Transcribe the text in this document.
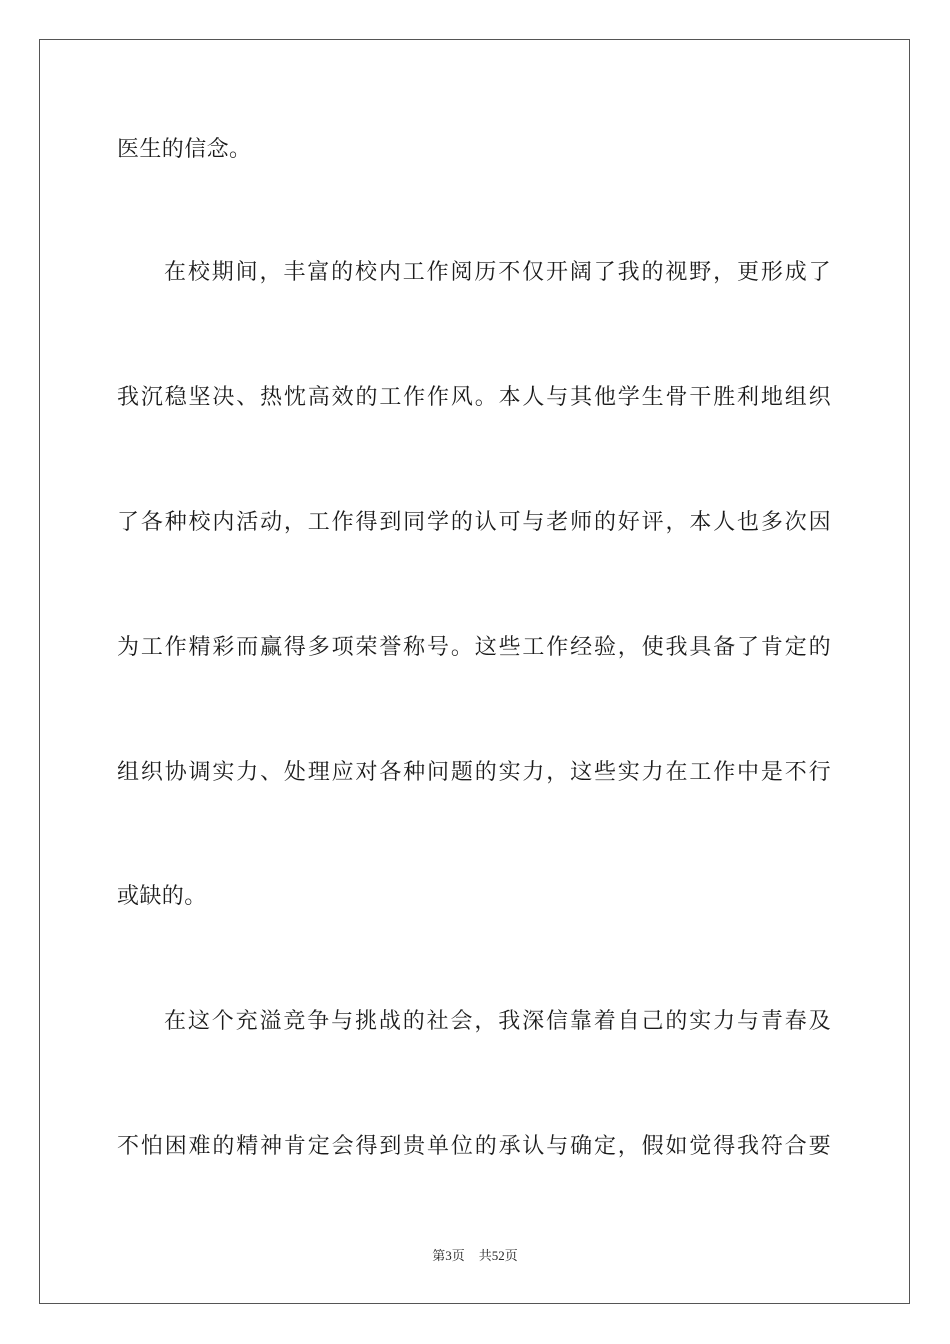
医生的信念。
在校期间，丰富的校内工作阅历不仅开阔了我的视野，更形成了
我沉稳坚决、热忱高效的工作作风。本人与其他学生骨干胜利地组织
了各种校内活动，工作得到同学的认可与老师的好评，本人也多次因
为工作精彩而赢得多项荣誉称号。这些工作经验，使我具备了肯定的
组织协调实力、处理应对各种问题的实力，这些实力在工作中是不行
或缺的。
在这个充溢竞争与挑战的社会，我深信靠着自己的实力与青春及
不怕困难的精神肯定会得到贵单位的承认与确定，假如觉得我符合要
第3页 共52页
